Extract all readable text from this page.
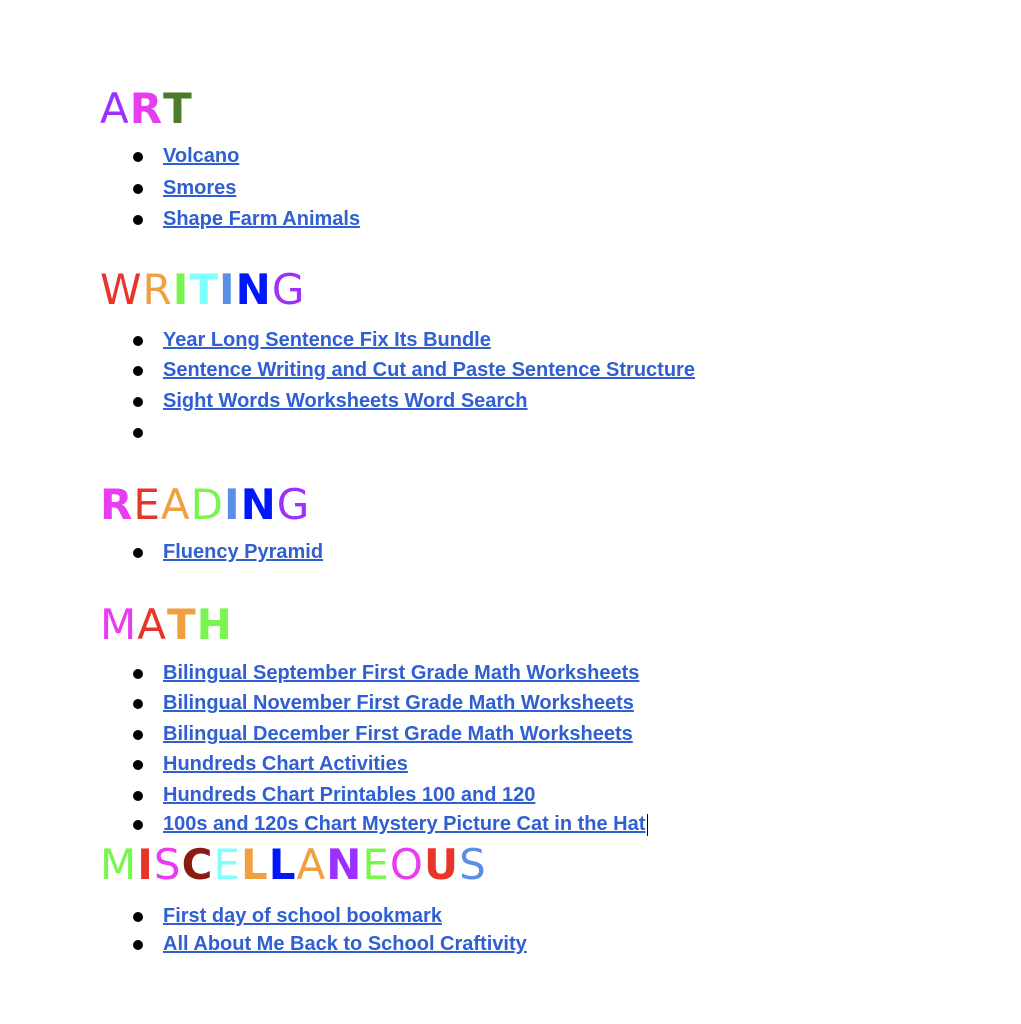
ART
Volcano
Smores
Shape Farm Animals
WRITING
Year Long Sentence Fix Its Bundle
Sentence Writing and Cut and Paste Sentence Structure
Sight Words Worksheets Word Search
READING
Fluency Pyramid
MATH
Bilingual September First Grade Math Worksheets
Bilingual November First Grade Math Worksheets
Bilingual December First Grade Math Worksheets
Hundreds Chart Activities
Hundreds Chart Printables 100 and 120
100s and 120s Chart Mystery Picture Cat in the Hat
MISCELLANEOUS
First day of school bookmark
All About Me Back to School Craftivity
